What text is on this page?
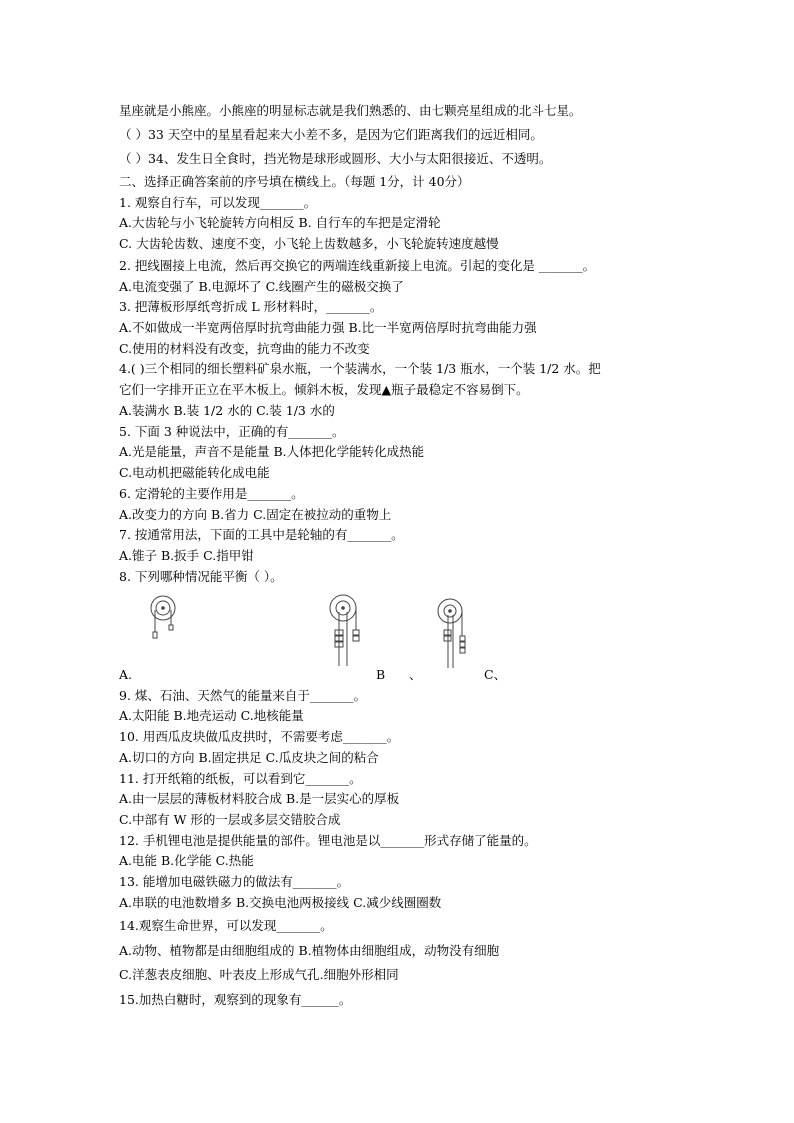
星座就是小熊座。小熊座的明显标志就是我们熟悉的、由七颗亮星组成的北斗七星。
（ ）33 天空中的星星看起来大小差不多，是因为它们距离我们的远近相同。
（ ）34、发生日全食时，挡光物是球形或圆形、大小与太阳很接近、不透明。
二、选择正确答案前的序号填在横线上。（每题 1分，计 40分）
1. 观察自行车，可以发现_______。
A.大齿轮与小飞轮旋转方向相反 B. 自行车的车把是定滑轮
C. 大齿轮齿数、速度不变，小飞轮上齿数越多，小飞轮旋转速度越慢
2. 把线圈接上电流，然后再交换它的两端连线重新接上电流。引起的变化是 _______。
A.电流变强了 B.电源坏了 C.线圈产生的磁极交换了
3. 把薄板形厚纸弯折成 L 形材料时，_______。
A.不如做成一半宽两倍厚时抗弯曲能力强 B.比一半宽两倍厚时抗弯曲能力强
C.使用的材料没有改变，抗弯曲的能力不改变
4.( )三个相同的细长塑料矿泉水瓶，一个装满水，一个装 1/3 瓶水，一个装 1/2 水。把
它们一字排开正立在平木板上。倾斜木板，发现▲瓶子最稳定不容易倒下。
A.装满水 B.装 1/2 水的 C.装 1/3 水的
5. 下面 3 种说法中，正确的有_______。
A.光是能量，声音不是能量 B.人体把化学能转化成热能
C.电动机把磁能转化成电能
6. 定滑轮的主要作用是_______。
A.改变力的方向 B.省力 C.固定在被拉动的重物上
7. 按通常用法，下面的工具中是轮轴的有_______。
A.锥子 B.扳手 C.指甲钳
8. 下列哪种情况能平衡（ ）。
A.	B 、	C、
9. 煤、石油、天然气的能量来自于_______。
A.太阳能 B.地壳运动 C.地核能量
10. 用西瓜皮块做瓜皮拱时，不需要考虑_______。
A.切口的方向 B.固定拱足 C.瓜皮块之间的粘合
11. 打开纸箱的纸板，可以看到它_______。
A.由一层层的薄板材料胶合成 B.是一层实心的厚板
C.中部有 W 形的一层或多层交错胶合成
12. 手机锂电池是提供能量的部件。锂电池是以_______形式存储了能量的。
A.电能 B.化学能 C.热能
13. 能增加电磁铁磁力的做法有_______。
A.串联的电池数增多 B.交换电池两极接线 C.减少线圈圈数
14.观察生命世界，可以发现_______。
A.动物、植物都是由细胞组成的 B.植物体由细胞组成，动物没有细胞
C.洋葱表皮细胞、叶表皮上形成气孔.细胞外形相同
15.加热白糖时，观察到的现象有______。
